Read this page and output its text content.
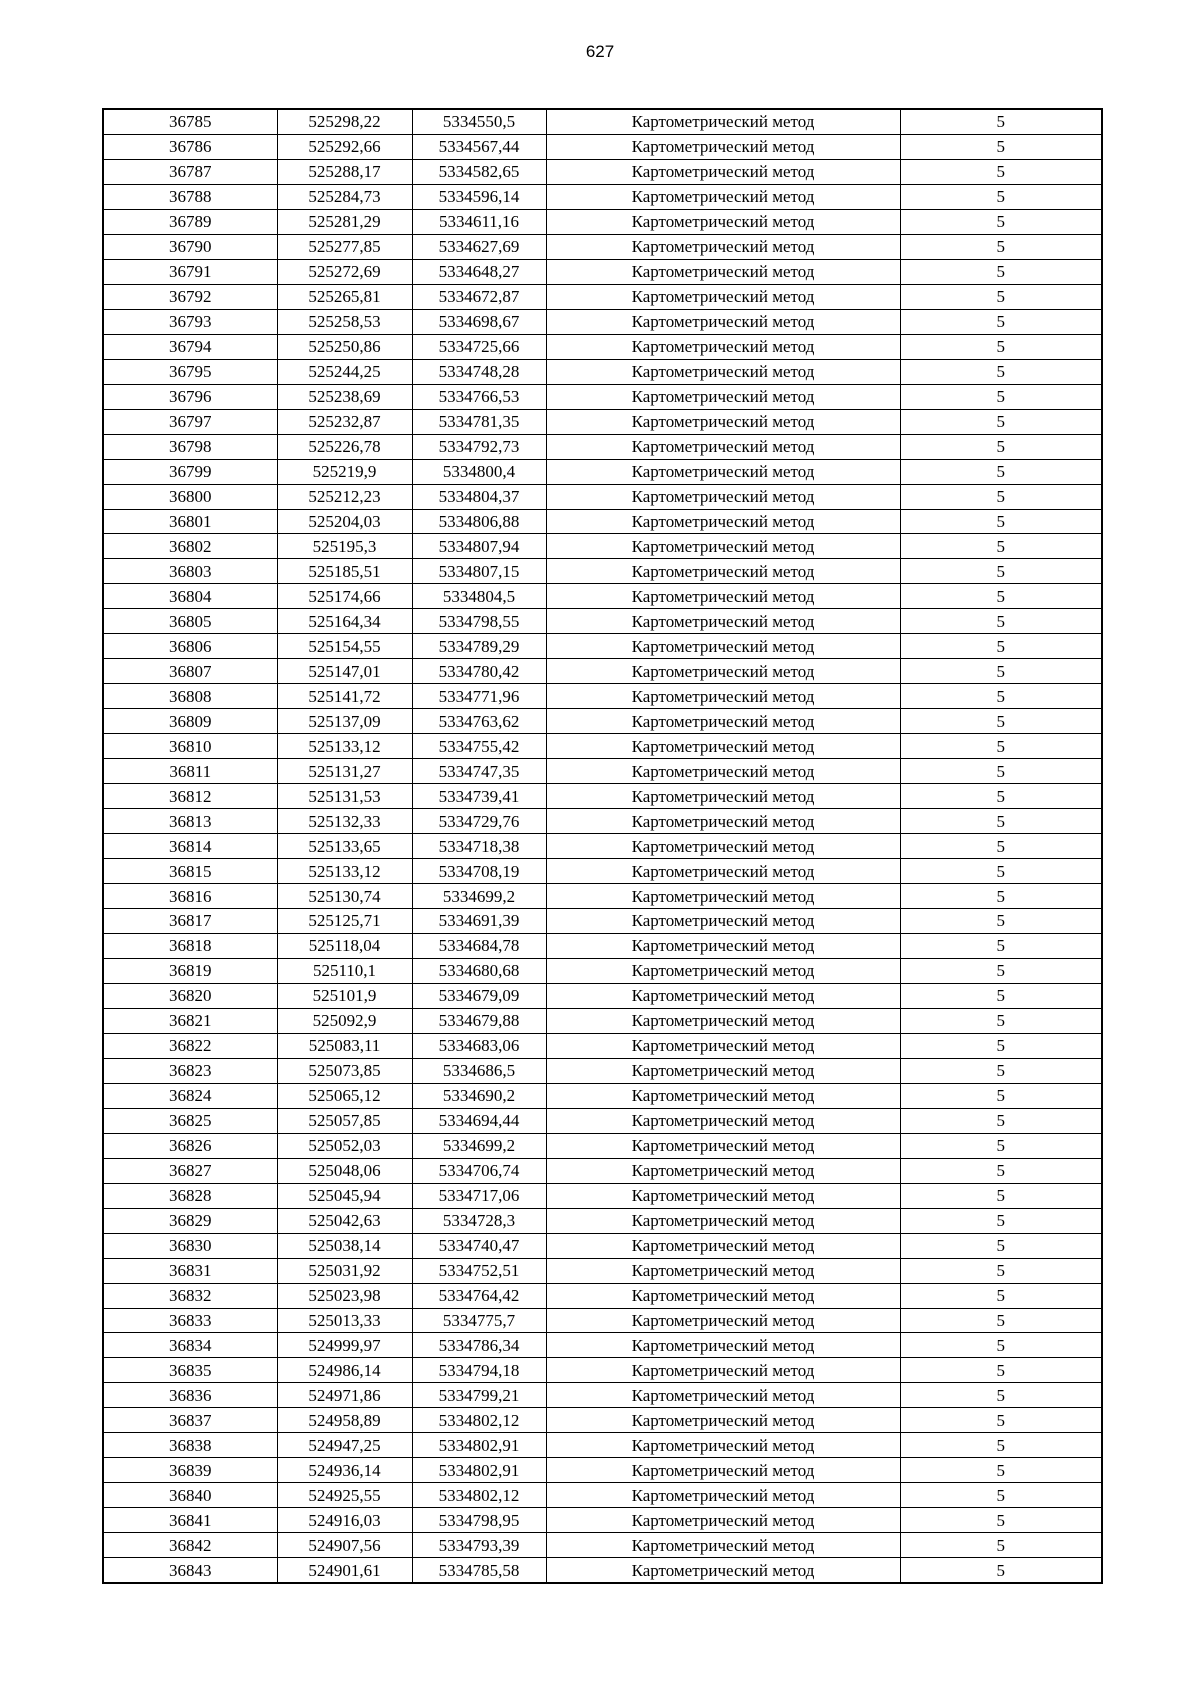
627
36785	525298,22	5334550,5	Картометрический метод	5
36786	525292,66	5334567,44	Картометрический метод	5
36787	525288,17	5334582,65	Картометрический метод	5
36788	525284,73	5334596,14	Картометрический метод	5
36789	525281,29	5334611,16	Картометрический метод	5
36790	525277,85	5334627,69	Картометрический метод	5
36791	525272,69	5334648,27	Картометрический метод	5
36792	525265,81	5334672,87	Картометрический метод	5
36793	525258,53	5334698,67	Картометрический метод	5
36794	525250,86	5334725,66	Картометрический метод	5
36795	525244,25	5334748,28	Картометрический метод	5
36796	525238,69	5334766,53	Картометрический метод	5
36797	525232,87	5334781,35	Картометрический метод	5
36798	525226,78	5334792,73	Картометрический метод	5
36799	525219,9	5334800,4	Картометрический метод	5
36800	525212,23	5334804,37	Картометрический метод	5
36801	525204,03	5334806,88	Картометрический метод	5
36802	525195,3	5334807,94	Картометрический метод	5
36803	525185,51	5334807,15	Картометрический метод	5
36804	525174,66	5334804,5	Картометрический метод	5
36805	525164,34	5334798,55	Картометрический метод	5
36806	525154,55	5334789,29	Картометрический метод	5
36807	525147,01	5334780,42	Картометрический метод	5
36808	525141,72	5334771,96	Картометрический метод	5
36809	525137,09	5334763,62	Картометрический метод	5
36810	525133,12	5334755,42	Картометрический метод	5
36811	525131,27	5334747,35	Картометрический метод	5
36812	525131,53	5334739,41	Картометрический метод	5
36813	525132,33	5334729,76	Картометрический метод	5
36814	525133,65	5334718,38	Картометрический метод	5
36815	525133,12	5334708,19	Картометрический метод	5
36816	525130,74	5334699,2	Картометрический метод	5
36817	525125,71	5334691,39	Картометрический метод	5
36818	525118,04	5334684,78	Картометрический метод	5
36819	525110,1	5334680,68	Картометрический метод	5
36820	525101,9	5334679,09	Картометрический метод	5
36821	525092,9	5334679,88	Картометрический метод	5
36822	525083,11	5334683,06	Картометрический метод	5
36823	525073,85	5334686,5	Картометрический метод	5
36824	525065,12	5334690,2	Картометрический метод	5
36825	525057,85	5334694,44	Картометрический метод	5
36826	525052,03	5334699,2	Картометрический метод	5
36827	525048,06	5334706,74	Картометрический метод	5
36828	525045,94	5334717,06	Картометрический метод	5
36829	525042,63	5334728,3	Картометрический метод	5
36830	525038,14	5334740,47	Картометрический метод	5
36831	525031,92	5334752,51	Картометрический метод	5
36832	525023,98	5334764,42	Картометрический метод	5
36833	525013,33	5334775,7	Картометрический метод	5
36834	524999,97	5334786,34	Картометрический метод	5
36835	524986,14	5334794,18	Картометрический метод	5
36836	524971,86	5334799,21	Картометрический метод	5
36837	524958,89	5334802,12	Картометрический метод	5
36838	524947,25	5334802,91	Картометрический метод	5
36839	524936,14	5334802,91	Картометрический метод	5
36840	524925,55	5334802,12	Картометрический метод	5
36841	524916,03	5334798,95	Картометрический метод	5
36842	524907,56	5334793,39	Картометрический метод	5
36843	524901,61	5334785,58	Картометрический метод	5
